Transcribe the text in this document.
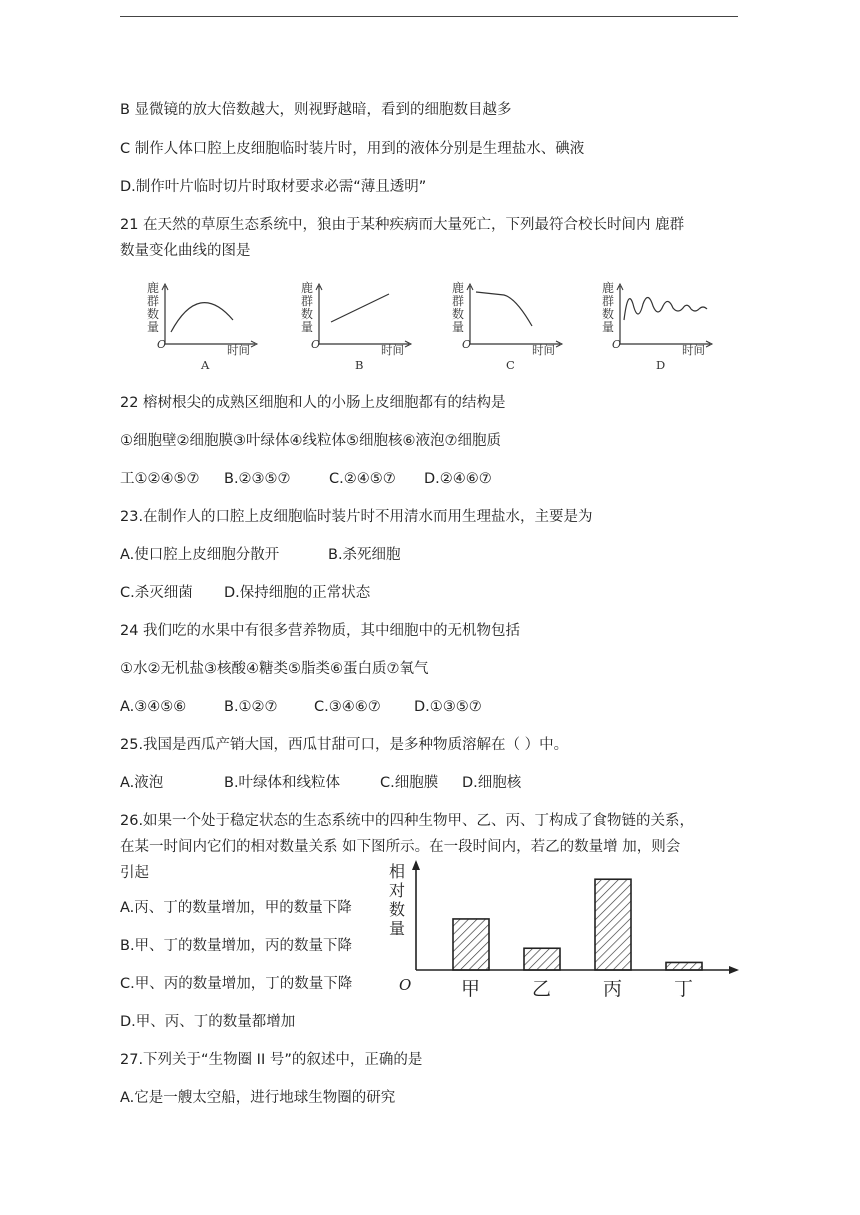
B 显微镜的放大倍数越大，则视野越暗，看到的细胞数目越多
C 制作人体口腔上皮细胞临时装片时，用到的液体分别是生理盐水、碘液
D.制作叶片临时切片时取材要求必需“薄且透明”
21 在天然的草原生态系统中，狼由于某种疾病而大量死亡，下列最符合校长时间内 鹿群
数量变化曲线的图是
鹿群数量
O	时间
A
鹿群数量
O	时间
B
鹿群数量
O	时间
C
鹿群数量
O	时间
D
22 榕树根尖的成熟区细胞和人的小肠上皮细胞都有的结构是
①细胞壁②细胞膜③叶绿体④线粒体⑤细胞核⑥液泡⑦细胞质
工①②④⑤⑦ B.②③⑤⑦	C.②④⑤⑦ D.②④⑥⑦
23.在制作人的口腔上皮细胞临时装片时不用清水而用生理盐水，主要是为
A.使口腔上皮细胞分散开	B.杀死细胞
C.杀灭细菌 D.保持细胞的正常状态
24 我们吃的水果中有很多营养物质，其中细胞中的无机物包括
①水②无机盐③核酸④糖类⑤脂类⑥蛋白质⑦氧气
A.③④⑤⑥	B.①②⑦	C.③④⑥⑦ D.①③⑤⑦
25.我国是西瓜产销大国，西瓜甘甜可口，是多种物质溶解在（ ）中。
A.液泡	B.叶绿体和线粒体	C.细胞膜 D.细胞核
26.如果一个处于稳定状态的生态系统中的四种生物甲、乙、丙、丁构成了食物链的关系，
在某一时间内它们的相对数量关系 如下图所示。在一段时间内，若乙的数量增 加，则会
引起
A.丙、丁的数量增加，甲的数量下降
B.甲、丁的数量增加，丙的数量下降
C.甲、丙的数量增加，丁的数量下降
D.甲、丙、丁的数量都增加
相对数量
O	甲	乙	丙	丁
27.下列关于“生物圈 II 号”的叙述中，正确的是
A.它是一艘太空船，进行地球生物圈的研究
